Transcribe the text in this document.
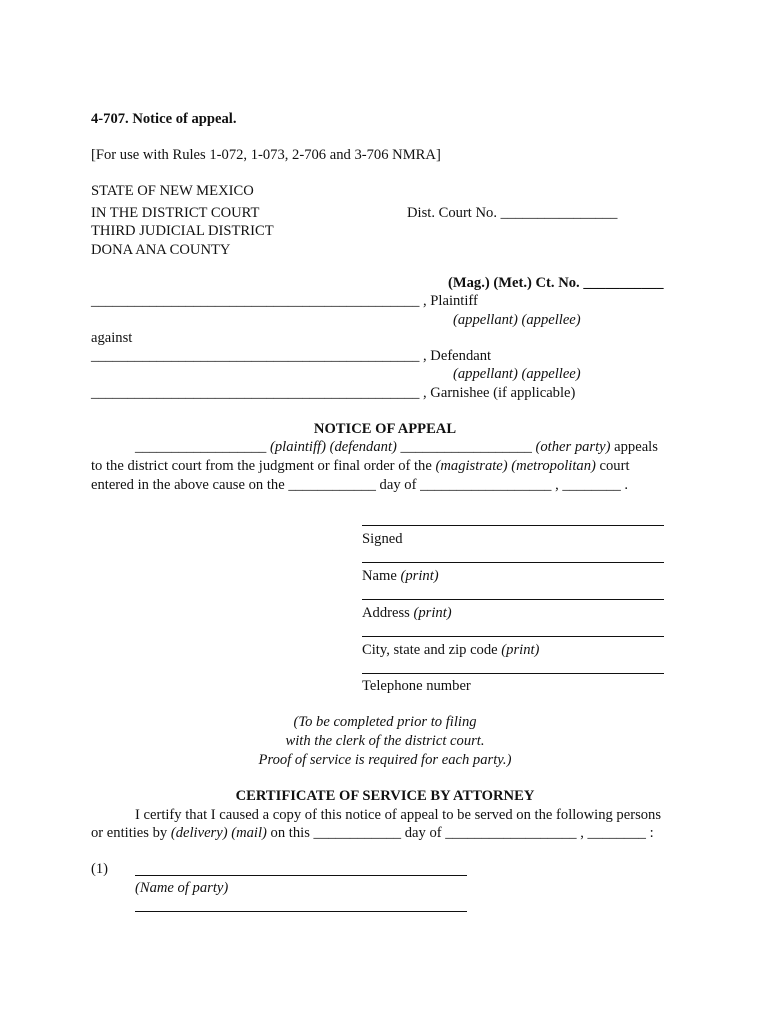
4-707. Notice of appeal.
[For use with Rules 1-072, 1-073, 2-706 and 3-706 NMRA]
STATE OF NEW MEXICO
IN THE DISTRICT COURT
THIRD JUDICIAL DISTRICT
DONA ANA COUNTY
Dist. Court No. ________________
(Mag.) (Met.) Ct. No. ___________
_____________________________________________ , Plaintiff
(appellant) (appellee)
against
_____________________________________________ , Defendant
(appellant) (appellee)
_____________________________________________ , Garnishee (if applicable)
NOTICE OF APPEAL
__________________ (plaintiff) (defendant) __________________ (other party) appeals
to the district court from the judgment or final order of the (magistrate) (metropolitan) court
entered in the above cause on the ____________ day of __________________ , ________ .
Signed
Name (print)
Address (print)
City, state and zip code (print)
Telephone number
(To be completed prior to filing
with the clerk of the district court.
Proof of service is required for each party.)
CERTIFICATE OF SERVICE BY ATTORNEY
I certify that I caused a copy of this notice of appeal to be served on the following persons
or entities by (delivery) (mail) on this ____________ day of __________________ , ________ :
(1)
(Name of party)
